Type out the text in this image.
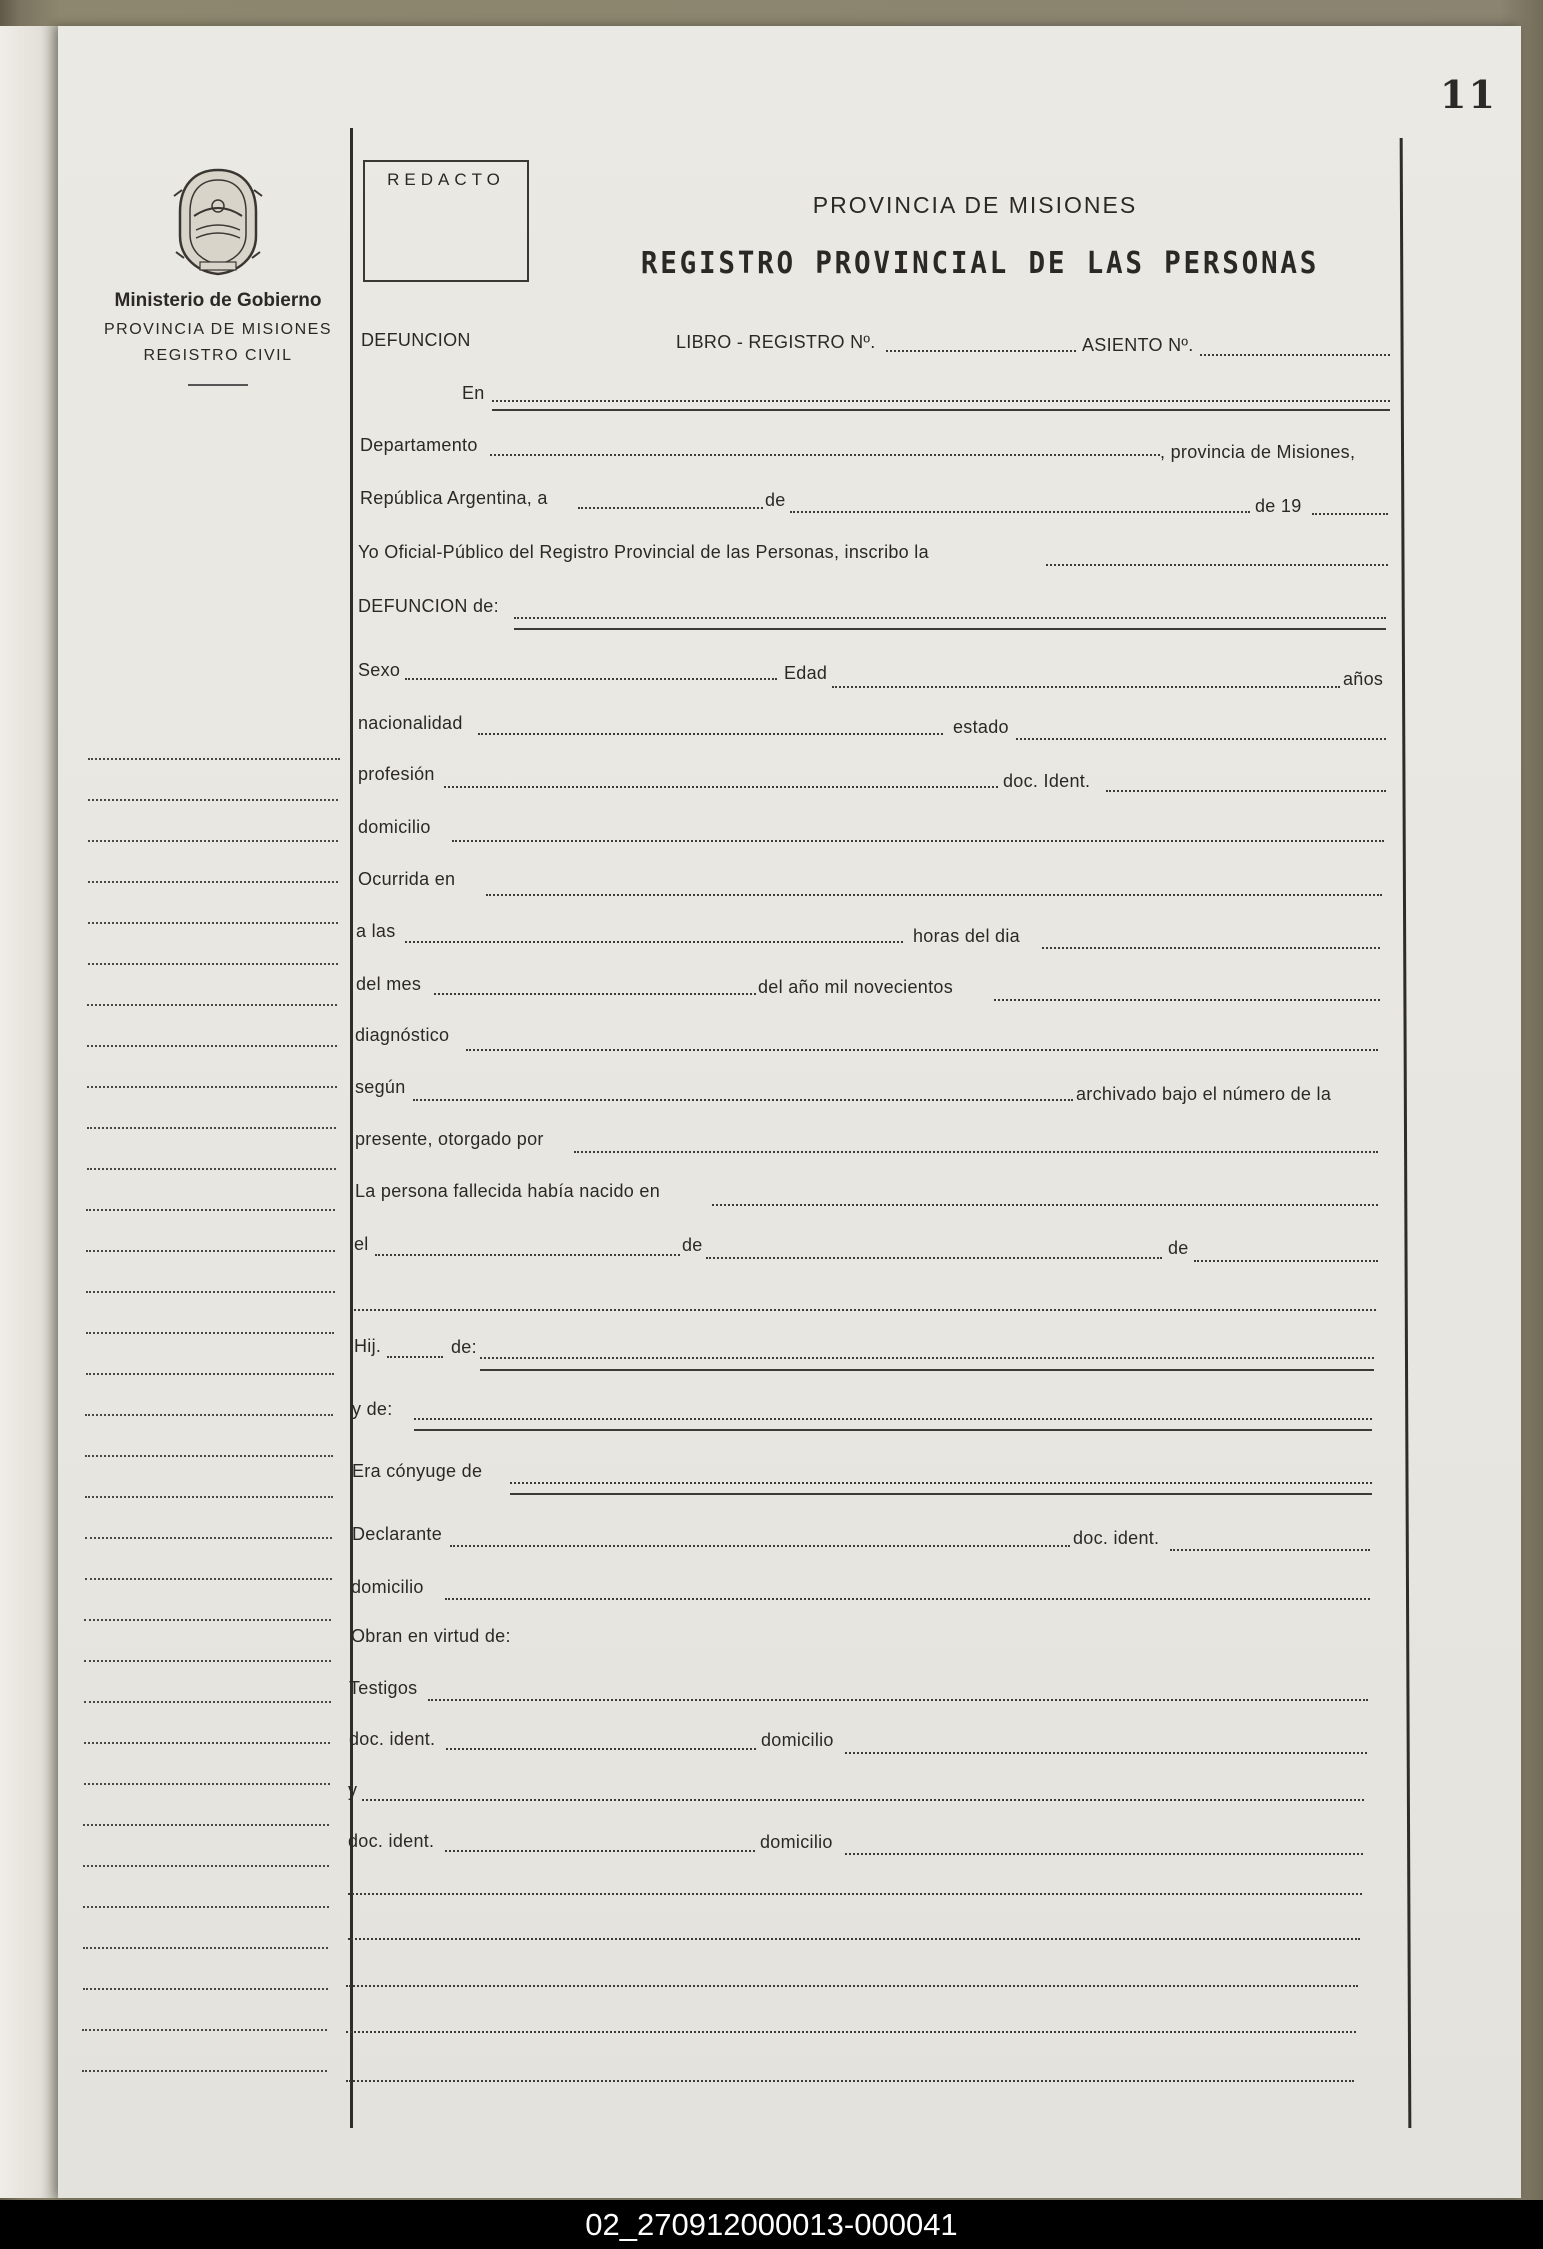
11
Ministerio de Gobierno
PROVINCIA DE MISIONES
REGISTRO CIVIL
REDACTO
PROVINCIA DE MISIONES
REGISTRO PROVINCIAL DE LAS PERSONAS
DEFUNCION	LIBRO - REGISTRO Nº.	ASIENTO Nº.
En
Departamento	, provincia de Misiones,
República Argentina, a	de	de 19
Yo Oficial-Público del Registro Provincial de las Personas, inscribo la
DEFUNCION de:
Sexo	Edad	años
nacionalidad	estado
profesión	doc. Ident.
domicilio
Ocurrida en
a las	horas del dia
del mes	del año mil novecientos
diagnóstico
según	archivado bajo el número de la
presente, otorgado por
La persona fallecida había nacido en
el	de	de
Hij.	de:
y de:
Era cónyuge de
Declarante	doc. ident.
domicilio
Obran en virtud de:
Testigos
doc. ident.	domicilio
y
doc. ident.	domicilio
02_270912000013-000041
